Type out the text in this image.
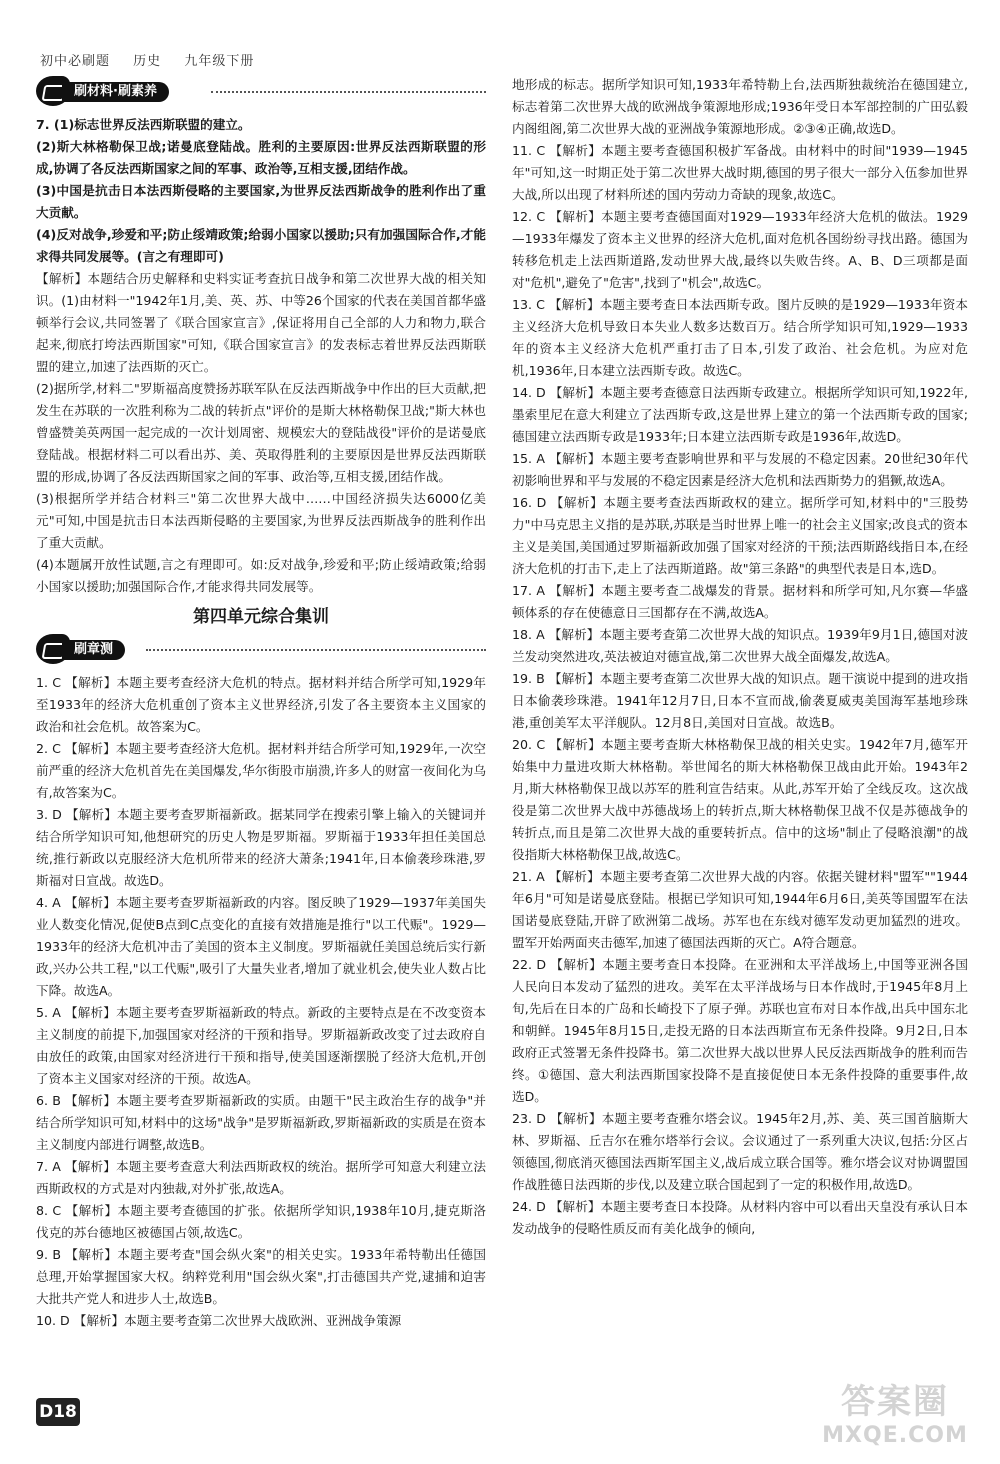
初中必刷题 历史 九年级下册
刷材料·刷素养

7. (1)标志世界反法西斯联盟的建立。

(2)斯大林格勒保卫战;诺曼底登陆战。胜利的主要原因:世界反法西斯联盟的形成,协调了各反法西斯国家之间的军事、政治等,互相支援,团结作战。

(3)中国是抗击日本法西斯侵略的主要国家,为世界反法西斯战争的胜利作出了重大贡献。

(4)反对战争,珍爱和平;防止绥靖政策;给弱小国家以援助;只有加强国际合作,才能求得共同发展等。(言之有理即可)

【解析】本题结合历史解释和史料实证考查抗日战争和第二次世界大战的相关知识。(1)由材料一"1942年1月,美、英、苏、中等26个国家的代表在美国首都华盛顿举行会议,共同签署了《联合国家宣言》,保证将用自己全部的人力和物力,联合起来,彻底打垮法西斯国家"可知,《联合国家宣言》的发表标志着世界反法西斯联盟的建立,加速了法西斯的灭亡。

(2)据所学,材料二"罗斯福高度赞扬苏联军队在反法西斯战争中作出的巨大贡献,把发生在苏联的一次胜利称为二战的转折点"评价的是斯大林格勒保卫战;"斯大林也曾盛赞美英两国一起完成的一次计划周密、规模宏大的登陆战役"评价的是诺曼底登陆战。根据材料二可以看出苏、美、英取得胜利的主要原因是世界反法西斯联盟的形成,协调了各反法西斯国家之间的军事、政治等,互相支援,团结作战。

(3)根据所学并结合材料三"第二次世界大战中……中国经济损失达6000亿美元"可知,中国是抗击日本法西斯侵略的主要国家,为世界反法西斯战争的胜利作出了重大贡献。

(4)本题属开放性试题,言之有理即可。如:反对战争,珍爱和平;防止绥靖政策;给弱小国家以援助;加强国际合作,才能求得共同发展等。

第四单元综合集训
刷章测

1. C 【解析】本题主要考查经济大危机的特点。据材料并结合所学可知,1929年至1933年的经济大危机重创了资本主义世界经济,引发了各主要资本主义国家的政治和社会危机。故答案为C。

2. C 【解析】本题主要考查经济大危机。据材料并结合所学可知,1929年,一次空前严重的经济大危机首先在美国爆发,华尔街股市崩溃,许多人的财富一夜间化为乌有,故答案为C。

3. D 【解析】本题主要考查罗斯福新政。据某同学在搜索引擎上输入的关键词并结合所学知识可知,他想研究的历史人物是罗斯福。罗斯福于1933年担任美国总统,推行新政以克服经济大危机所带来的经济大萧条;1941年,日本偷袭珍珠港,罗斯福对日宣战。故选D。

4. A 【解析】本题主要考查罗斯福新政的内容。图反映了1929—1937年美国失业人数变化情况,促使B点到C点变化的直接有效措施是推行"以工代赈"。1929—1933年的经济大危机冲击了美国的资本主义制度。罗斯福就任美国总统后实行新政,兴办公共工程,"以工代赈",吸引了大量失业者,增加了就业机会,使失业人数占比下降。故选A。

5. A 【解析】本题主要考查罗斯福新政的特点。新政的主要特点是在不改变资本主义制度的前提下,加强国家对经济的干预和指导。罗斯福新政改变了过去政府自由放任的政策,由国家对经济进行干预和指导,使美国逐渐摆脱了经济大危机,开创了资本主义国家对经济的干预。故选A。

6. B 【解析】本题主要考查罗斯福新政的实质。由题干"民主政治生存的战争"并结合所学知识可知,材料中的这场"战争"是罗斯福新政,罗斯福新政的实质是在资本主义制度内部进行调整,故选B。

7. A 【解析】本题主要考查意大利法西斯政权的统治。据所学可知意大利建立法西斯政权的方式是对内独裁,对外扩张,故选A。

8. C 【解析】本题主要考查德国的扩张。依据所学知识,1938年10月,捷克斯洛伐克的苏台德地区被德国占领,故选C。

9. B 【解析】本题主要考查"国会纵火案"的相关史实。1933年希特勒出任德国总理,开始掌握国家大权。纳粹党利用"国会纵火案",打击德国共产党,逮捕和迫害大批共产党人和进步人士,故选B。

10. D 【解析】本题主要考查第二次世界大战欧洲、亚洲战争策源

地形成的标志。据所学知识可知,1933年希特勒上台,法西斯独裁统治在德国建立,标志着第二次世界大战的欧洲战争策源地形成;1936年受日本军部控制的广田弘毅内阁组阁,第二次世界大战的亚洲战争策源地形成。②③④正确,故选D。

11. C 【解析】本题主要考查德国积极扩军备战。由材料中的时间"1939—1945年"可知,这一时期正处于第二次世界大战时期,德国的男子很大一部分入伍参加世界大战,所以出现了材料所述的国内劳动力奇缺的现象,故选C。

12. C 【解析】本题主要考查德国面对1929—1933年经济大危机的做法。1929—1933年爆发了资本主义世界的经济大危机,面对危机各国纷纷寻找出路。德国为转移危机走上法西斯道路,发动世界大战,最终以失败告终。A、B、D三项都是面对"危机",避免了"危害",找到了"机会",故选C。

13. C 【解析】本题主要考查日本法西斯专政。图片反映的是1929—1933年资本主义经济大危机导致日本失业人数多达数百万。结合所学知识可知,1929—1933年的资本主义经济大危机严重打击了日本,引发了政治、社会危机。为应对危机,1936年,日本建立法西斯专政。故选C。

14. D 【解析】本题主要考查德意日法西斯专政建立。根据所学知识可知,1922年,墨索里尼在意大利建立了法西斯专政,这是世界上建立的第一个法西斯专政的国家;德国建立法西斯专政是1933年;日本建立法西斯专政是1936年,故选D。

15. A 【解析】本题主要考查影响世界和平与发展的不稳定因素。20世纪30年代初影响世界和平与发展的不稳定因素是经济大危机和法西斯势力的猖獗,故选A。

16. D 【解析】本题主要考查法西斯政权的建立。据所学可知,材料中的"三股势力"中马克思主义指的是苏联,苏联是当时世界上唯一的社会主义国家;改良式的资本主义是美国,美国通过罗斯福新政加强了国家对经济的干预;法西斯路线指日本,在经济大危机的打击下,走上了法西斯道路。故"第三条路"的典型代表是日本,选D。

17. A 【解析】本题主要考查二战爆发的背景。据材料和所学可知,凡尔赛—华盛顿体系的存在使德意日三国都存在不满,故选A。

18. A 【解析】本题主要考查第二次世界大战的知识点。1939年9月1日,德国对波兰发动突然进攻,英法被迫对德宣战,第二次世界大战全面爆发,故选A。

19. B 【解析】本题主要考查第二次世界大战的知识点。题干演说中提到的进攻指日本偷袭珍珠港。1941年12月7日,日本不宣而战,偷袭夏威夷美国海军基地珍珠港,重创美军太平洋舰队。12月8日,美国对日宣战。故选B。

20. C 【解析】本题主要考查斯大林格勒保卫战的相关史实。1942年7月,德军开始集中力量进攻斯大林格勒。举世闻名的斯大林格勒保卫战由此开始。1943年2月,斯大林格勒保卫战以苏军的胜利宣告结束。从此,苏军开始了全线反攻。这次战役是第二次世界大战中苏德战场上的转折点,斯大林格勒保卫战不仅是苏德战争的转折点,而且是第二次世界大战的重要转折点。信中的这场"制止了侵略浪潮"的战役指斯大林格勒保卫战,故选C。

21. A 【解析】本题主要考查第二次世界大战的内容。依据关键材料"盟军""1944年6月"可知是诺曼底登陆。根据已学知识可知,1944年6月6日,美英等国盟军在法国诺曼底登陆,开辟了欧洲第二战场。苏军也在东线对德军发动更加猛烈的进攻。盟军开始两面夹击德军,加速了德国法西斯的灭亡。A符合题意。

22. D 【解析】本题主要考查日本投降。在亚洲和太平洋战场上,中国等亚洲各国人民向日本发动了猛烈的进攻。美军在太平洋战场与日本作战时,于1945年8月上旬,先后在日本的广岛和长崎投下了原子弹。苏联也宣布对日本作战,出兵中国东北和朝鲜。1945年8月15日,走投无路的日本法西斯宣布无条件投降。9月2日,日本政府正式签署无条件投降书。第二次世界大战以世界人民反法西斯战争的胜利而告终。①德国、意大利法西斯国家投降不是直接促使日本无条件投降的重要事件,故选D。

23. D 【解析】本题主要考查雅尔塔会议。1945年2月,苏、美、英三国首脑斯大林、罗斯福、丘吉尔在雅尔塔举行会议。会议通过了一系列重大决议,包括:分区占领德国,彻底消灭德国法西斯军国主义,战后成立联合国等。雅尔塔会议对协调盟国作战胜德日法西斯的步伐,以及建立联合国起到了一定的积极作用,故选D。

24. D 【解析】本题主要考查日本投降。从材料内容中可以看出天皇没有承认日本发动战争的侵略性质反而有美化战争的倾向,

D18	答案圈
MXQE.COM
